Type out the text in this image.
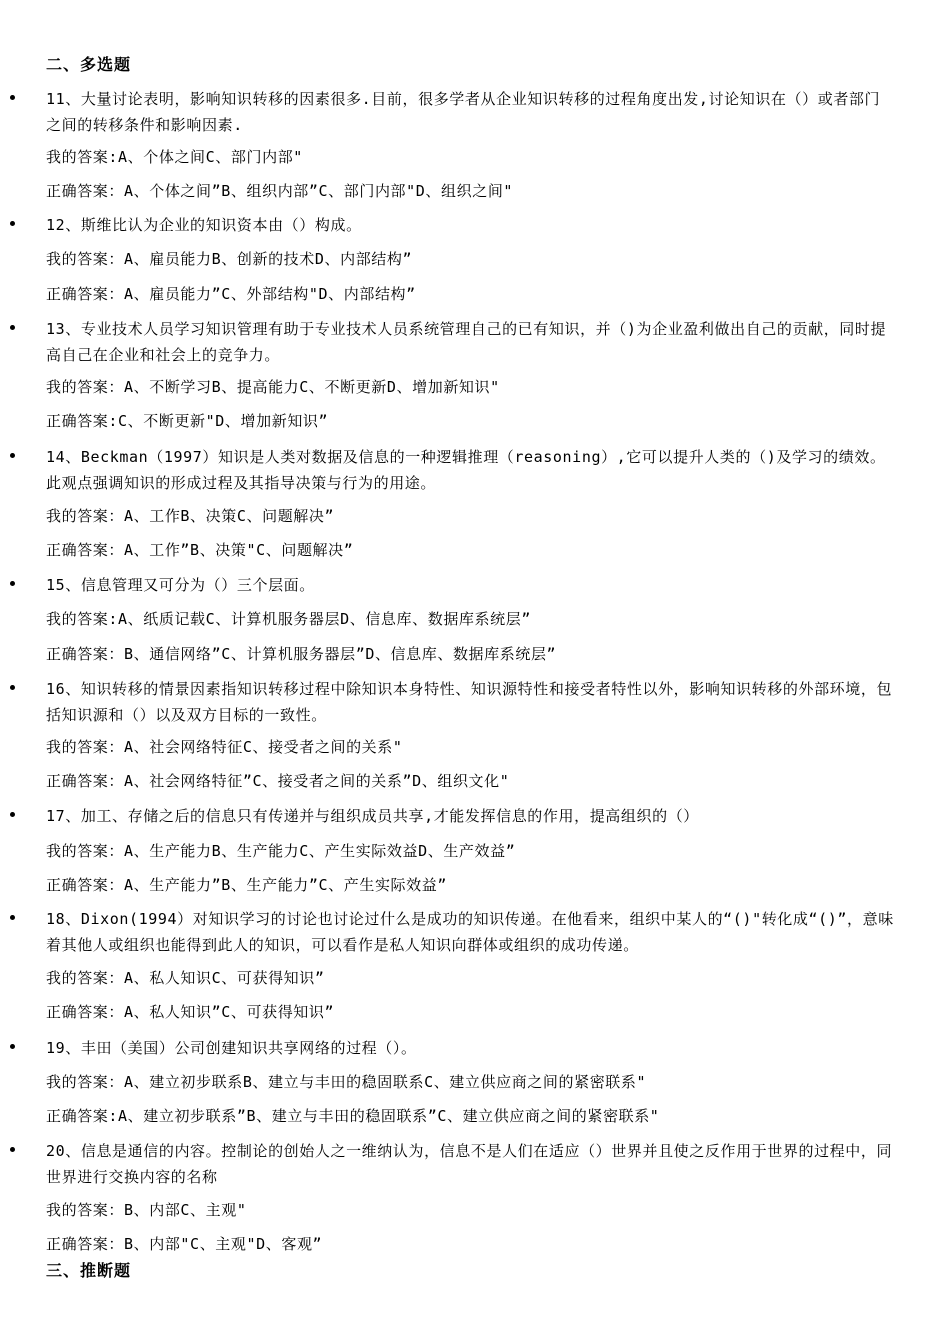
二、多选题
11、大量讨论表明，影响知识转移的因素很多.目前，很多学者从企业知识转移的过程角度出发,讨论知识在（）或者部门之间的转移条件和影响因素.
我的答案:A、个体之间C、部门内部"
正确答案：A、个体之间”B、组织内部”C、部门内部"D、组织之间"
12、斯维比认为企业的知识资本由（）构成。
我的答案：A、雇员能力B、创新的技术D、内部结构”
正确答案：A、雇员能力”C、外部结构"D、内部结构”
13、专业技术人员学习知识管理有助于专业技术人员系统管理自己的已有知识，并（)为企业盈利做出自己的贡献，同时提高自己在企业和社会上的竞争力。
我的答案：A、不断学习B、提高能力C、不断更新D、增加新知识"
正确答案:C、不断更新"D、增加新知识”
14、Beckman（1997）知识是人类对数据及信息的一种逻辑推理（reasoning）,它可以提升人类的（)及学习的绩效。此观点强调知识的形成过程及其指导决策与行为的用途。
我的答案：A、工作B、决策C、问题解决”
正确答案：A、工作”B、决策"C、问题解决”
15、信息管理又可分为（）三个层面。
我的答案:A、纸质记载C、计算机服务器层D、信息库、数据库系统层”
正确答案：B、通信网络”C、计算机服务器层”D、信息库、数据库系统层”
16、知识转移的情景因素指知识转移过程中除知识本身特性、知识源特性和接受者特性以外，影响知识转移的外部环境，包括知识源和（）以及双方目标的一致性。
我的答案：A、社会网络特征C、接受者之间的关系"
正确答案：A、社会网络特征”C、接受者之间的关系”D、组织文化"
17、加工、存储之后的信息只有传递并与组织成员共享,才能发挥信息的作用，提高组织的（）
我的答案：A、生产能力B、生产能力C、产生实际效益D、生产效益”
正确答案：A、生产能力”B、生产能力”C、产生实际效益”
18、Dixon(1994）对知识学习的讨论也讨论过什么是成功的知识传递。在他看来，组织中某人的“()"转化成“()”，意味着其他人或组织也能得到此人的知识，可以看作是私人知识向群体或组织的成功传递。
我的答案：A、私人知识C、可获得知识”
正确答案：A、私人知识”C、可获得知识”
19、丰田（美国）公司创建知识共享网络的过程（）。
我的答案：A、建立初步联系B、建立与丰田的稳固联系C、建立供应商之间的紧密联系"
正确答案:A、建立初步联系”B、建立与丰田的稳固联系”C、建立供应商之间的紧密联系"
20、信息是通信的内容。控制论的创始人之一维纳认为，信息不是人们在适应（）世界并且使之反作用于世界的过程中，同世界进行交换内容的名称
我的答案：B、内部C、主观"
正确答案：B、内部"C、主观"D、客观”
三、推断题
